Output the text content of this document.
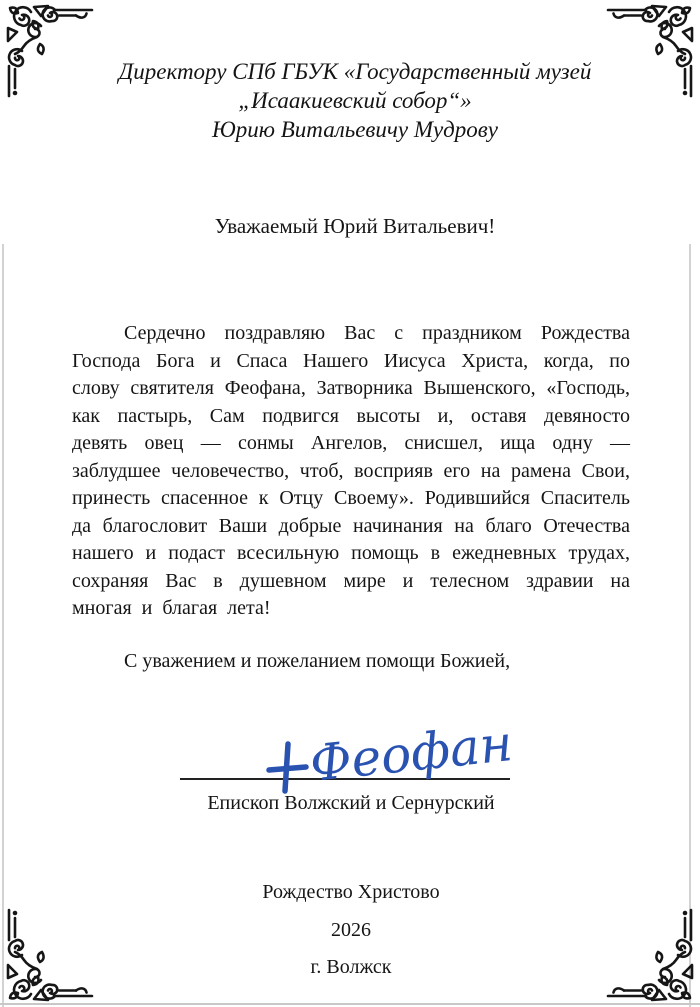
Директору СПб ГБУК «Государственный музей
„Исаакиевский собор“»
Юрию Витальевичу Мудрову
Уважаемый Юрий Витальевич!
Сердечно поздравляю Вас с праздником Рождества Господа Бога и Спаса Нашего Иисуса Христа, когда, по слову святителя Феофана, Затворника Вышенского, «Господь, как пастырь, Сам подвигся высоты и, оставя девяносто девять овец — сонмы Ангелов, снисшел, ища одну — заблудшее человечество, чтоб, восприяв его на рамена Свои, принесть спасенное к Отцу Своему». Родившийся Спаситель да благословит Ваши добрые начинания на благо Отечества нашего и подаст всесильную помощь в ежедневных трудах, сохраняя Вас в душевном мире и телесном здравии на многая и благая лета!
С уважением и пожеланием помощи Божией,
Феофан
Епископ Волжский и Сернурский
Рождество Христово
2026
г. Волжск
